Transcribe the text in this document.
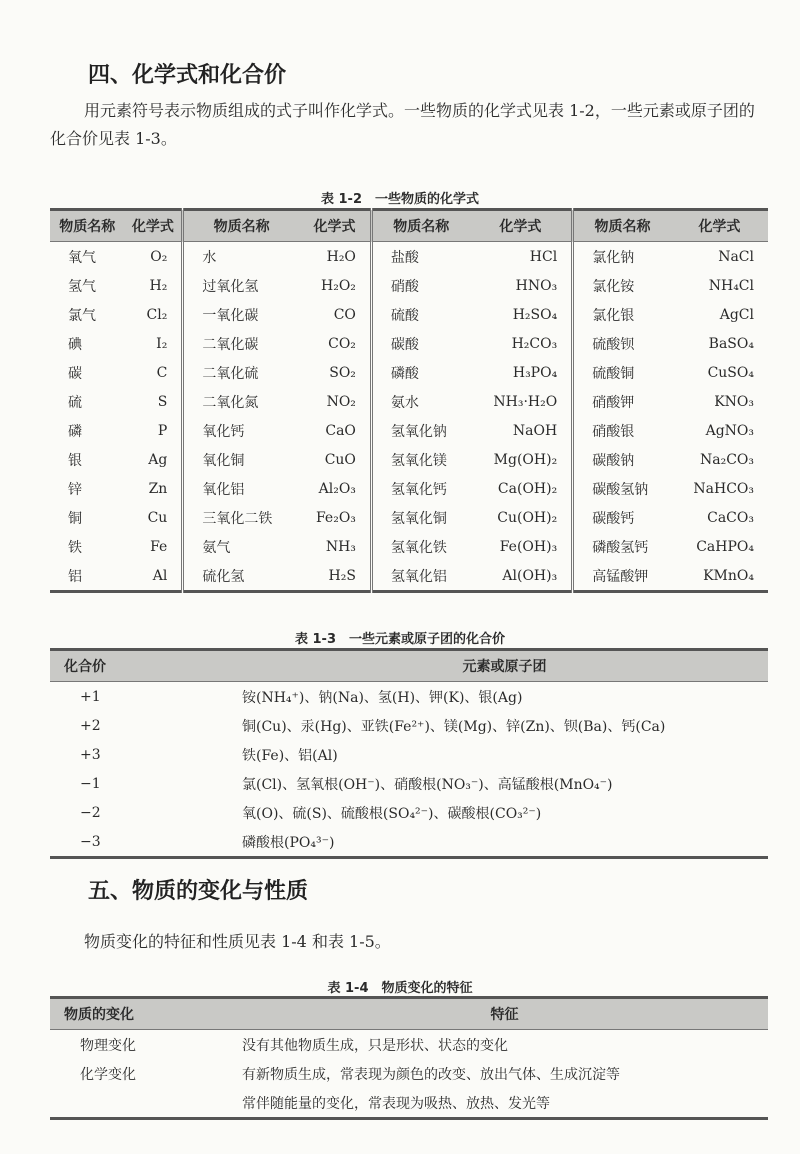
四、化学式和化合价
用元素符号表示物质组成的式子叫作化学式。一些物质的化学式见表 1-2，一些元素或原子团的化合价见表 1-3。
表 1-2　一些物质的化学式
物质名称	化学式	物质名称	化学式	物质名称	化学式	物质名称	化学式
氧气	O₂	水	H₂O	盐酸	HCl	氯化钠	NaCl
氢气	H₂	过氧化氢	H₂O₂	硝酸	HNO₃	氯化铵	NH₄Cl
氯气	Cl₂	一氧化碳	CO	硫酸	H₂SO₄	氯化银	AgCl
碘	I₂	二氧化碳	CO₂	碳酸	H₂CO₃	硫酸钡	BaSO₄
碳	C	二氧化硫	SO₂	磷酸	H₃PO₄	硫酸铜	CuSO₄
硫	S	二氧化氮	NO₂	氨水	NH₃·H₂O	硝酸钾	KNO₃
磷	P	氧化钙	CaO	氢氧化钠	NaOH	硝酸银	AgNO₃
银	Ag	氧化铜	CuO	氢氧化镁	Mg(OH)₂	碳酸钠	Na₂CO₃
锌	Zn	氧化铝	Al₂O₃	氢氧化钙	Ca(OH)₂	碳酸氢钠	NaHCO₃
铜	Cu	三氧化二铁	Fe₂O₃	氢氧化铜	Cu(OH)₂	碳酸钙	CaCO₃
铁	Fe	氨气	NH₃	氢氧化铁	Fe(OH)₃	磷酸氢钙	CaHPO₄
铝	Al	硫化氢	H₂S	氢氧化铝	Al(OH)₃	高锰酸钾	KMnO₄
表 1-3　一些元素或原子团的化合价
化合价	元素或原子团
+1	铵(NH₄⁺)、钠(Na)、氢(H)、钾(K)、银(Ag)
+2	铜(Cu)、汞(Hg)、亚铁(Fe²⁺)、镁(Mg)、锌(Zn)、钡(Ba)、钙(Ca)
+3	铁(Fe)、铝(Al)
−1	氯(Cl)、氢氧根(OH⁻)、硝酸根(NO₃⁻)、高锰酸根(MnO₄⁻)
−2	氧(O)、硫(S)、硫酸根(SO₄²⁻)、碳酸根(CO₃²⁻)
−3	磷酸根(PO₄³⁻)
五、物质的变化与性质
物质变化的特征和性质见表 1-4 和表 1-5。
表 1-4　物质变化的特征
物质的变化	特征
物理变化	没有其他物质生成，只是形状、状态的变化
化学变化	有新物质生成，常表现为颜色的改变、放出气体、生成沉淀等
	常伴随能量的变化，常表现为吸热、放热、发光等
